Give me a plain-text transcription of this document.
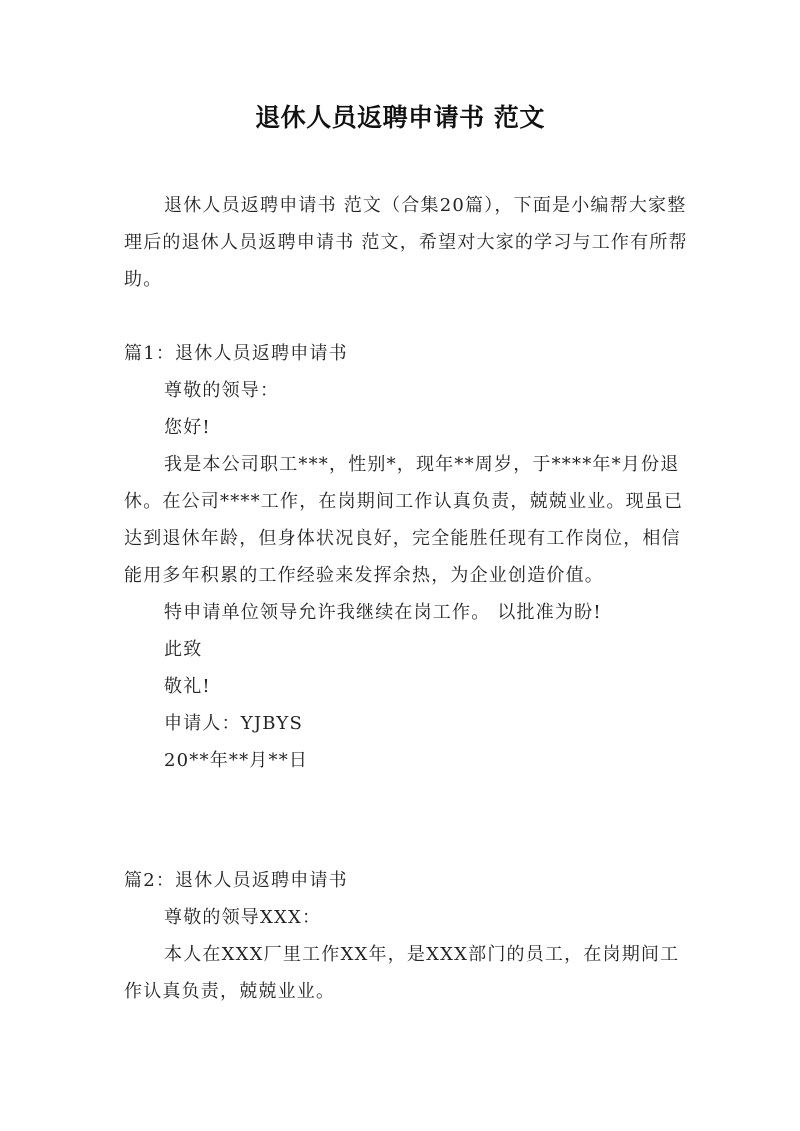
退休人员返聘申请书 范文

退休人员返聘申请书 范文（合集20篇），下面是小编帮大家整理后的退休人员返聘申请书 范文，希望对大家的学习与工作有所帮助。

篇1：退休人员返聘申请书

尊敬的领导：

您好!

我是本公司职工***，性别*，现年**周岁，于****年*月份退休。在公司****工作，在岗期间工作认真负责，兢兢业业。现虽已达到退休年龄，但身体状况良好，完全能胜任现有工作岗位，相信能用多年积累的工作经验来发挥余热，为企业创造价值。

特申请单位领导允许我继续在岗工作。 以批准为盼!

此致

敬礼!

申请人：YJBYS

20**年**月**日

篇2：退休人员返聘申请书

尊敬的领导XXX：

本人在XXX厂里工作XX年，是XXX部门的员工，在岗期间工作认真负责，兢兢业业。
